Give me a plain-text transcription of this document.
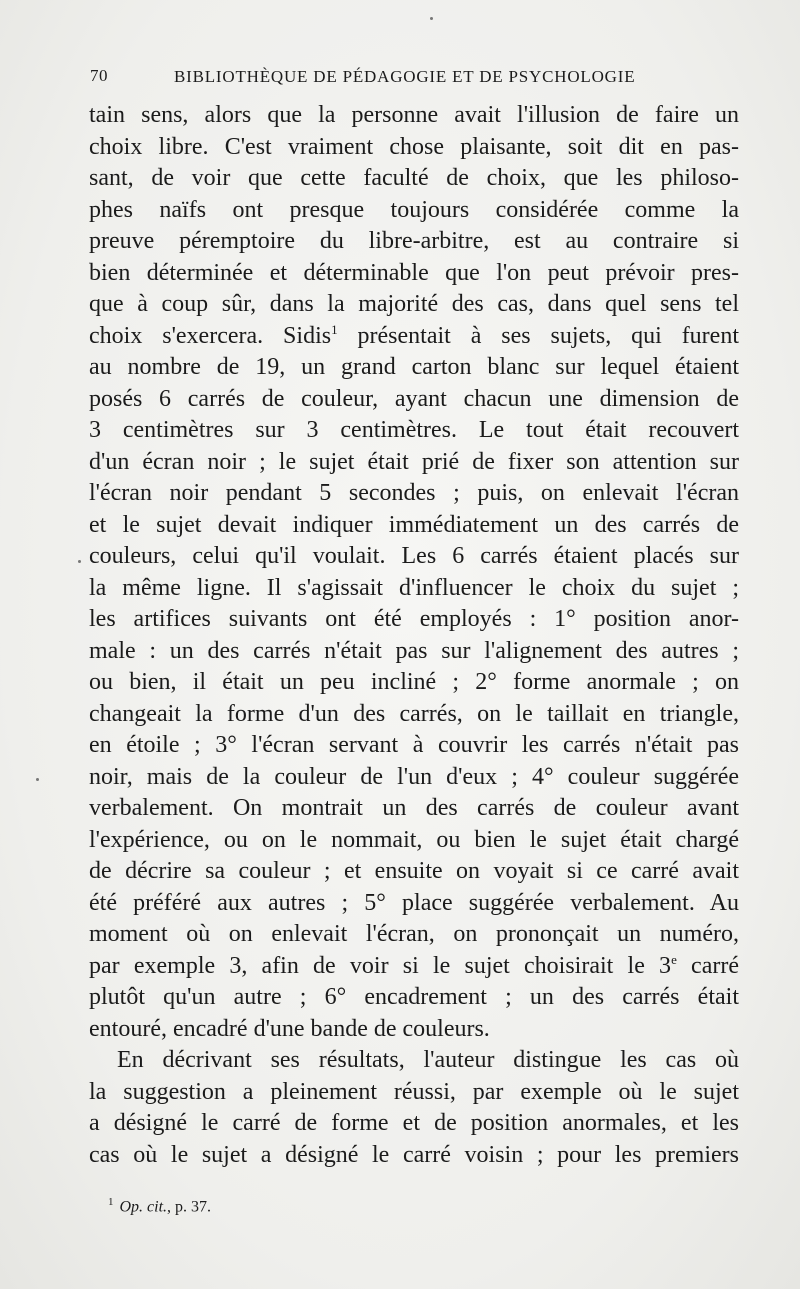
70	BIBLIOTHÈQUE DE PÉDAGOGIE ET DE PSYCHOLOGIE
tain sens, alors que la personne avait l'illusion de faire un
choix libre. C'est vraiment chose plaisante, soit dit en pas-
sant, de voir que cette faculté de choix, que les philoso-
phes naïfs ont presque toujours considérée comme la
preuve péremptoire du libre-arbitre, est au contraire si
bien déterminée et déterminable que l'on peut prévoir pres-
que à coup sûr, dans la majorité des cas, dans quel sens tel
choix s'exercera. Sidis$^1$ présentait à ses sujets, qui furent
au nombre de 19, un grand carton blanc sur lequel étaient
posés 6 carrés de couleur, ayant chacun une dimension de
3 centimètres sur 3 centimètres. Le tout était recouvert
d'un écran noir ; le sujet était prié de fixer son attention sur
l'écran noir pendant 5 secondes ; puis, on enlevait l'écran
et le sujet devait indiquer immédiatement un des carrés de
couleurs, celui qu'il voulait. Les 6 carrés étaient placés sur
la même ligne. Il s'agissait d'influencer le choix du sujet ;
les artifices suivants ont été employés : 1° position anor-
male : un des carrés n'était pas sur l'alignement des autres ;
ou bien, il était un peu incliné ; 2° forme anormale ; on
changeait la forme d'un des carrés, on le taillait en triangle,
en étoile ; 3° l'écran servant à couvrir les carrés n'était pas
noir, mais de la couleur de l'un d'eux ; 4° couleur suggérée
verbalement. On montrait un des carrés de couleur avant
l'expérience, ou on le nommait, ou bien le sujet était chargé
de décrire sa couleur ; et ensuite on voyait si ce carré avait
été préféré aux autres ; 5° place suggérée verbalement. Au
moment où on enlevait l'écran, on prononçait un numéro,
par exemple 3, afin de voir si le sujet choisirait le 3e carré
plutôt qu'un autre ; 6° encadrement ; un des carrés était
entouré, encadré d'une bande de couleurs.
En décrivant ses résultats, l'auteur distingue les cas où
la suggestion a pleinement réussi, par exemple où le sujet
a désigné le carré de forme et de position anormales, et les
cas où le sujet a désigné le carré voisin ; pour les premiers
$^1$ Op. cit., p. 37.
